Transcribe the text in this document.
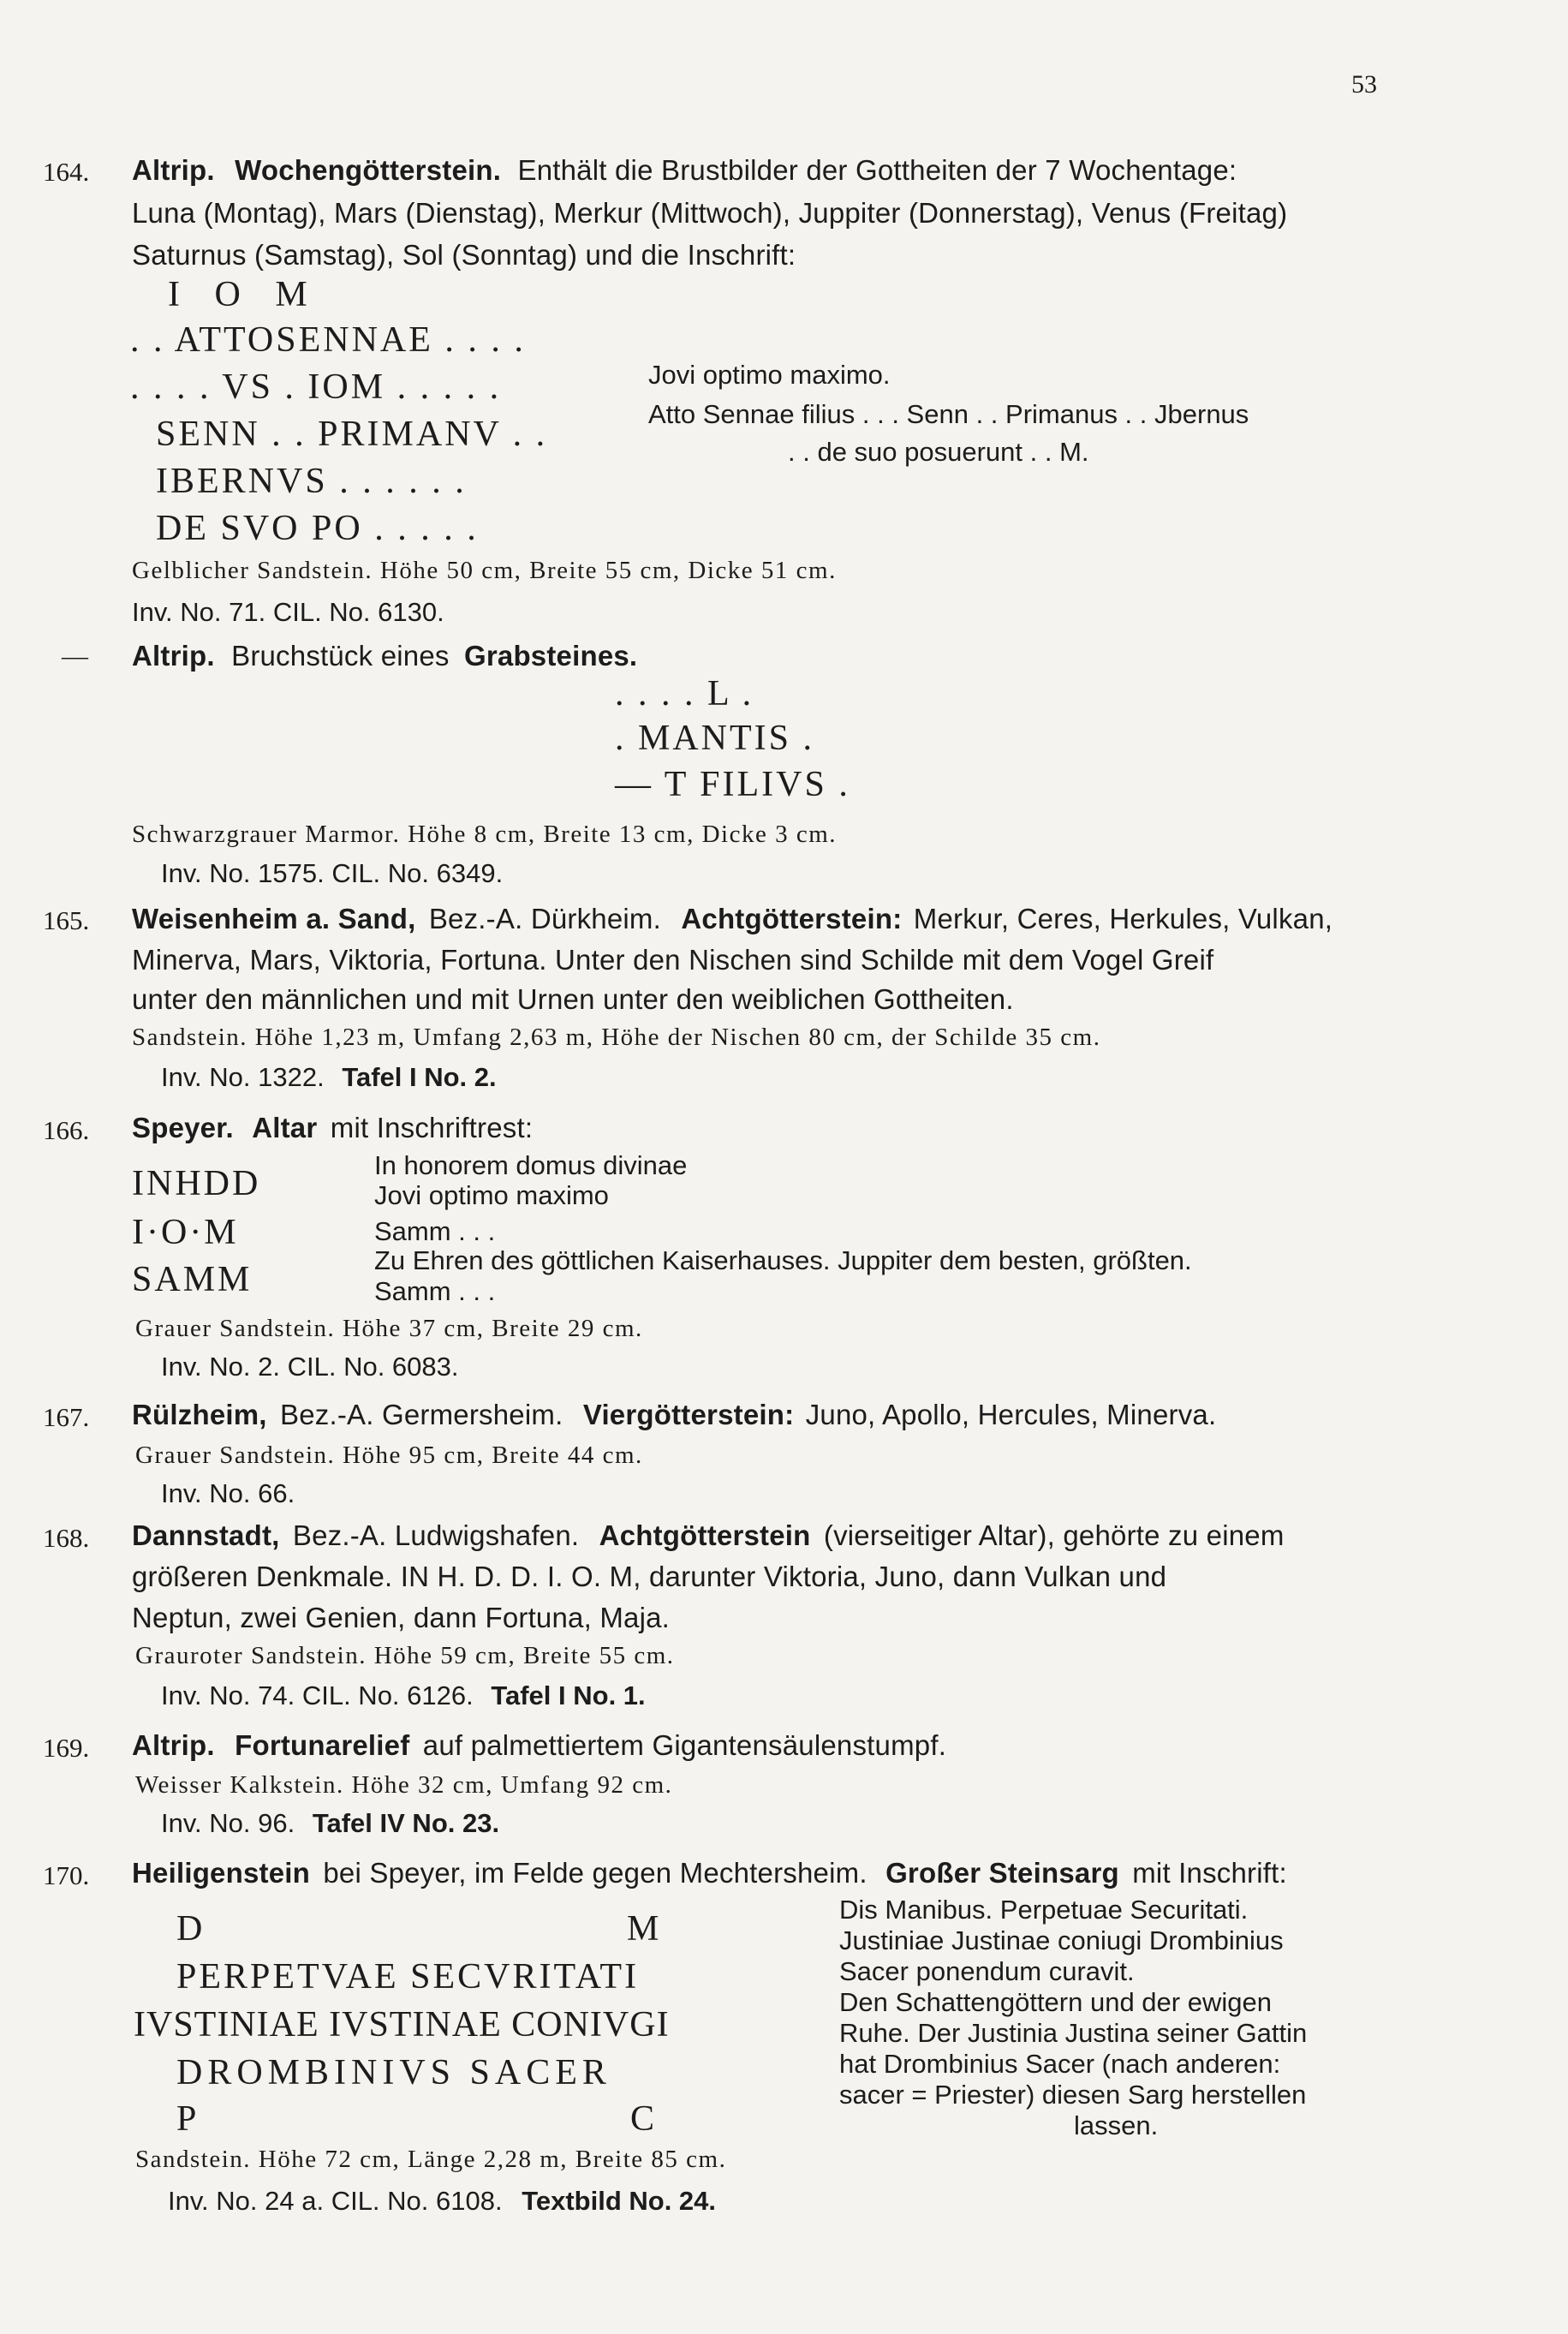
53
164. Altrip. Wochengötterstein. Enthält die Brustbilder der Gottheiten der 7 Wochentage:
Luna (Montag), Mars (Dienstag), Merkur (Mittwoch), Juppiter (Donnerstag), Venus (Freitag)
Saturnus (Samstag), Sol (Sonntag) und die Inschrift:
I O M
. . ATTOSENNAE . . . .
. . . . VS . IOM . . . . .
SENN . . PRIMANV . .
IBERNVS . . . . . .
DE SVO PO . . . . .
Jovi optimo maximo.
Atto Sennae filius . . . Senn . . Primanus . . Jbernus
. . de suo posuerunt . . M.
Gelblicher Sandstein. Höhe 50 cm, Breite 55 cm, Dicke 51 cm.
Inv. No. 71. CIL. No. 6130.
— Altrip. Bruchstück eines Grabsteines.
. . . . L .
. MANTIS .
— T FILIVS .
Schwarzgrauer Marmor. Höhe 8 cm, Breite 13 cm, Dicke 3 cm.
Inv. No. 1575. CIL. No. 6349.
165. Weisenheim a. Sand, Bez.-A. Dürkheim. Achtgötterstein: Merkur, Ceres, Herkules, Vulkan,
Minerva, Mars, Viktoria, Fortuna. Unter den Nischen sind Schilde mit dem Vogel Greif
unter den männlichen und mit Urnen unter den weiblichen Gottheiten.
Sandstein. Höhe 1,23 m, Umfang 2,63 m, Höhe der Nischen 80 cm, der Schilde 35 cm.
Inv. No. 1322. Tafel I No. 2.
166. Speyer. Altar mit Inschriftrest:
INHDD
I·O·M
SAMM
In honorem domus divinae
Jovi optimo maximo
Samm . . .
Zu Ehren des göttlichen Kaiserhauses. Juppiter dem besten, größten.
Samm . . .
Grauer Sandstein. Höhe 37 cm, Breite 29 cm.
Inv. No. 2. CIL. No. 6083.
167. Rülzheim, Bez.-A. Germersheim. Viergötterstein: Juno, Apollo, Hercules, Minerva.
Grauer Sandstein. Höhe 95 cm, Breite 44 cm.
Inv. No. 66.
168. Dannstadt, Bez.-A. Ludwigshafen. Achtgötterstein (vierseitiger Altar), gehörte zu einem
größeren Denkmale. IN H. D. D. I. O. M, darunter Viktoria, Juno, dann Vulkan und
Neptun, zwei Genien, dann Fortuna, Maja.
Grauroter Sandstein. Höhe 59 cm, Breite 55 cm.
Inv. No. 74. CIL. No. 6126. Tafel I No. 1.
169. Altrip. Fortunarelief auf palmettiertem Gigantensäulenstumpf.
Weisser Kalkstein. Höhe 32 cm, Umfang 92 cm.
Inv. No. 96. Tafel IV No. 23.
170. Heiligenstein bei Speyer, im Felde gegen Mechtersheim. Großer Steinsarg mit Inschrift:
D	M
PERPETVAE SECVRITATI
IVSTINIAE IVSTINAE CONIVGI
DROMBINIVS SACER
P	C
Dis Manibus. Perpetuae Securitati.
Justiniae Justinae coniugi Drombinius
Sacer ponendum curavit.
Den Schattengöttern und der ewigen
Ruhe. Der Justinia Justina seiner Gattin
hat Drombinius Sacer (nach anderen:
sacer = Priester) diesen Sarg herstellen
lassen.
Sandstein. Höhe 72 cm, Länge 2,28 m, Breite 85 cm.
Inv. No. 24 a. CIL. No. 6108. Textbild No. 24.
